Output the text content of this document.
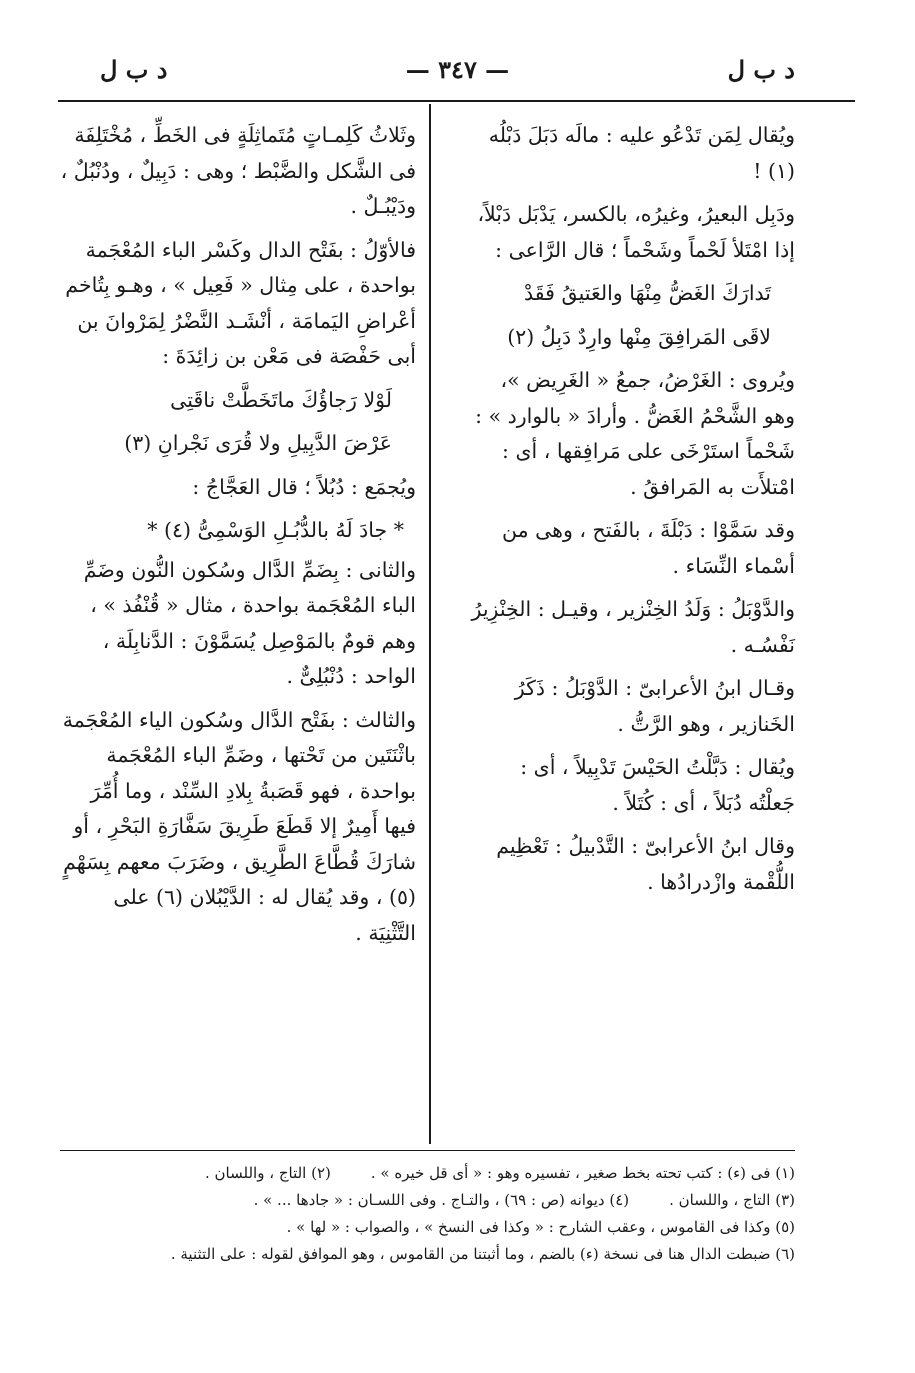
د ب ل
— ٣٤٧ —
د ب ل

ويُقال لِمَن تَدْعُو عليه : مالَه دَبَلَ دَبْلُه (١) !

ودَبِل البعيرُ، وغيرُه، بالكسر، يَدْبَل دَبْلاً، إذا امْتَلأ لَحْماً وشَحْماً ؛ قال الرَّاعى :

تَدارَكَ الغَضُّ مِنْهَا والعَتيقُ فَقَدْ

لاقَى المَرافِقَ مِنْها وارِدٌ دَبِلُ (٢)

ويُروى : الغَرْضُ، جمعُ « الغَرِيض »، وهو الشَّحْمُ الغَضُّ . وأرادَ « بالوارد » : شَحْماً استَرْخَى على مَرافِقها ، أى : امْتلأَت به المَرافقُ .

وقد سَمَّوْا : دَبْلَةَ ، بالفَتح ، وهى من أسْماء النِّسَاء .

والدَّوْبَلُ : وَلَدُ الخِنْزير ، وقيـل : الخِنْزِيرُ نَفْسُـه .

وقـال ابنُ الأعرابىّ : الدَّوْبَلُ : ذَكَرُ الخَنازير ، وهو الرَّتُّ .

ويُقال : دَبَّلْتُ الحَيْسَ تَدْبِيلاً ، أى : جَعلْتُه دُبَلاً ، أى : كُتَلاً .

وقال ابنُ الأعرابىّ : التَّدْبيلُ : تَعْظِيم اللُّقْمة وازْدرادُها .

وثَلاثُ كَلِمـاتٍ مُتَماثِلَةٍ فى الخَطِّ ، مُخْتَلِفَة فى الشَّكل والضَّبْط ؛ وهى : دَبِيلٌ ، ودُنْبُلٌ ، ودَيْبُـلٌ .

فالأوّلُ : بفَتْح الدال وكَسْر الباء المُعْجَمة بواحدة ، على مِثال « فَعِيل » ، وهـو بِتُاخم أعْراضِ اليَمامَة ، أنْشَـد النَّضْرُ لِمَرْوانَ بن أبى حَفْصَة فى مَعْن بن زائِدَةَ :

لَوْلا رَجاؤُكَ ماتَخَطَّتْ ناقَتِى

عَرْضَ الدَّبِيلِ ولا قُرَى نَجْرانِ (٣)

ويُجمَع : دُبُلاً ؛ قال العَجَّاجُ :

* جادَ لَهُ بالدُّبُـلِ الوَسْمِىُّ (٤) *

والثانى : بِضَمِّ الدَّال وسُكون النُّون وضَمِّ الباء المُعْجَمة بواحدة ، مثال « قُنْفُذ » ، وهم قومٌ بالمَوْصِل يُسَمَّوْنَ : الدَّنابِلَة ، الواحد : دُنْبُلِىٌّ .

والثالث : بفَتْح الدَّال وسُكون الياء المُعْجَمة باثْنَتَين من تَحْتها ، وضَمِّ الباء المُعْجَمة بواحدة ، فهو قَصَبةُ بِلادِ السِّنْد ، وما أُمِّرَ فيها أَمِيرٌ إلا قَطَعَ طَرِيقَ سَفَّارَةِ البَحْرِ ، أو شارَكَ قُطَّاعَ الطَّرِيق ، وضَرَبَ معهم بِسَهْمٍ (٥) ، وقد يُقال له : الدَّيْبُلان (٦) على التَّثْنِيَة .

(١) فى (ء) : كتب تحته بخط صغير ، تفسيره وهو : « أى قل خيره » .(٢) التاج ، واللسان .
(٣) التاج ، واللسان .(٤) ديوانه (ص : ٦٩) ، والتـاج . وفى اللسـان : « جادها ... » .
(٥) وكذا فى القاموس ، وعقب الشارح : « وكذا فى النسخ » ، والصواب : « لها » .
(٦) ضبطت الدال هنا فى نسخة (ء) بالضم ، وما أثبتنا من القاموس ، وهو الموافق لقوله : على التثنية .
